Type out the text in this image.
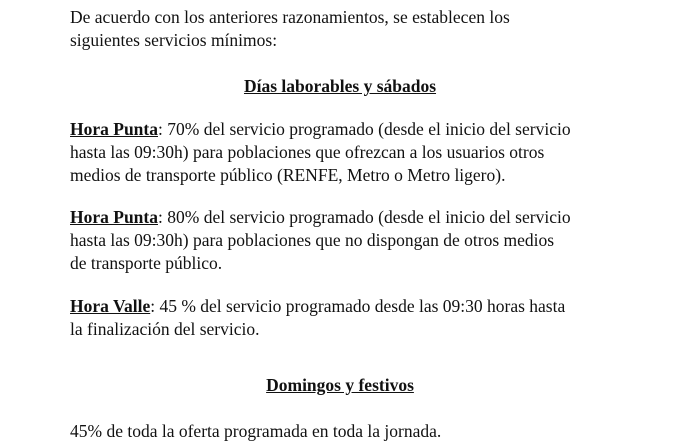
De acuerdo con los anteriores razonamientos, se establecen los
siguientes servicios mínimos:
Días laborables y sábados
Hora Punta: 70% del servicio programado (desde el inicio del servicio
hasta las 09:30h) para poblaciones que ofrezcan a los usuarios otros
medios de transporte público (RENFE, Metro o Metro ligero).
Hora Punta: 80% del servicio programado (desde el inicio del servicio
hasta las 09:30h) para poblaciones que no dispongan de otros medios
de transporte público.
Hora Valle: 45 % del servicio programado desde las 09:30 horas hasta
la finalización del servicio.
Domingos y festivos
45% de toda la oferta programada en toda la jornada.
